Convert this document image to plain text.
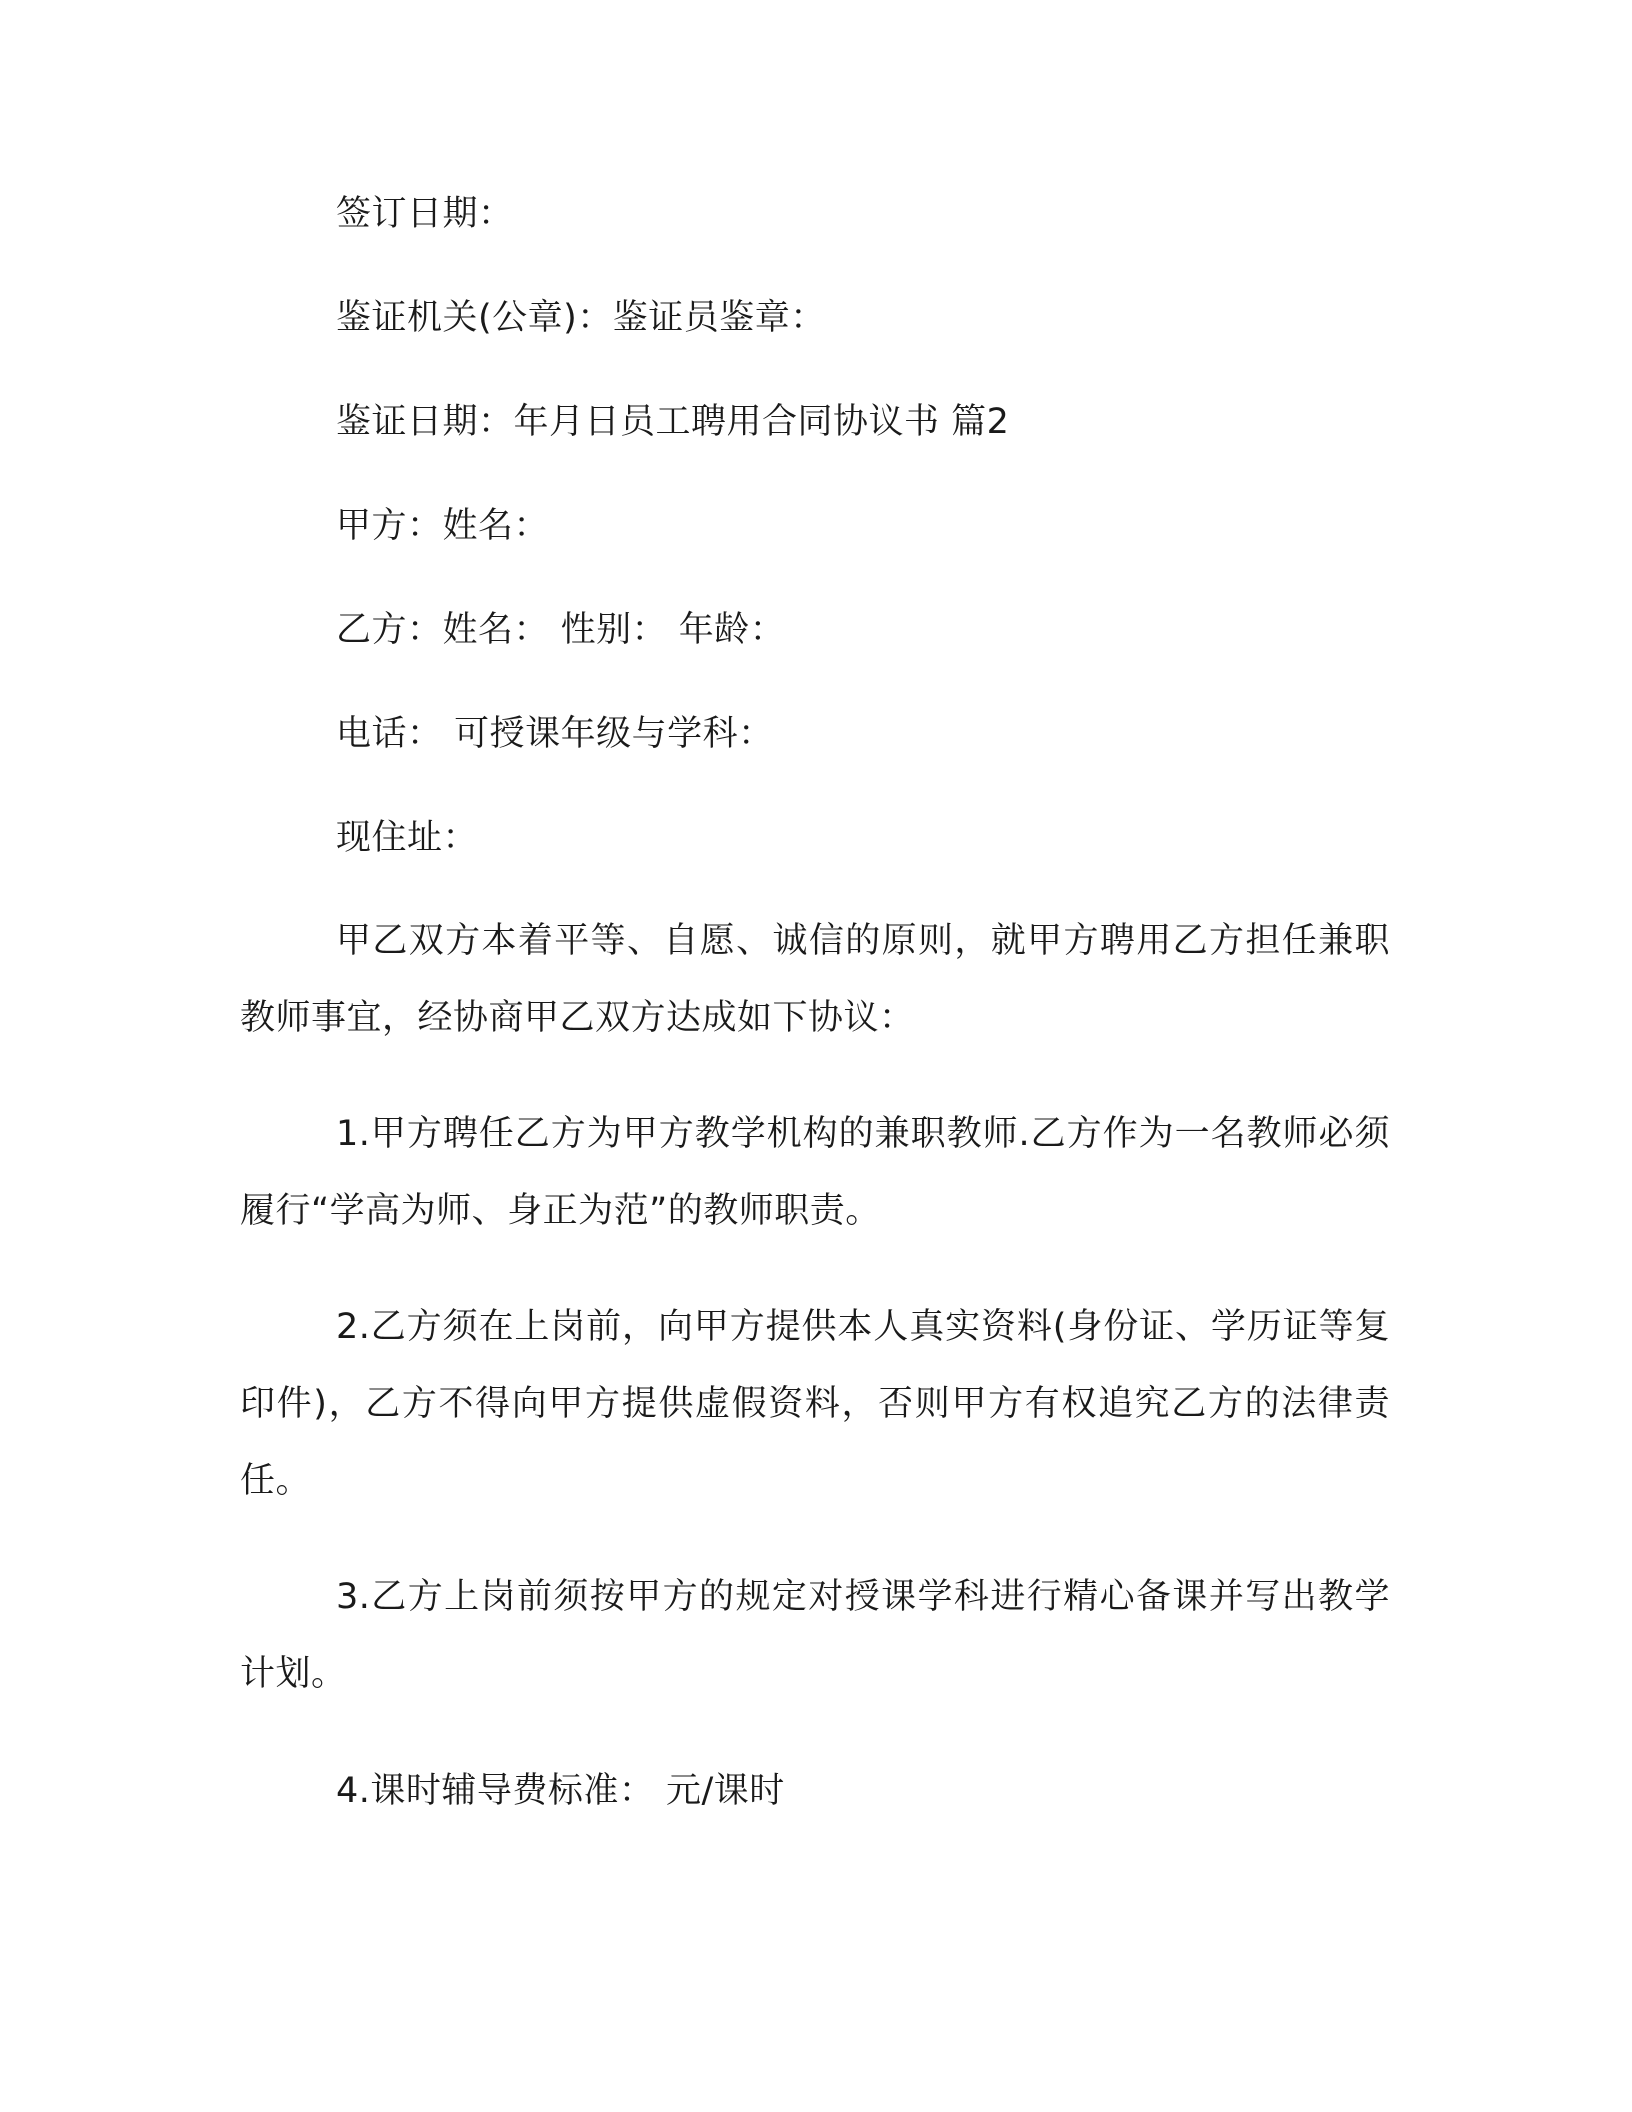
签订日期：

鉴证机关(公章)：鉴证员鉴章：

鉴证日期：年月日员工聘用合同协议书 篇2

甲方：姓名：

乙方：姓名： 性别： 年龄：

电话： 可授课年级与学科：

现住址：

甲乙双方本着平等、自愿、诚信的原则，就甲方聘用乙方担任兼职教师事宜，经协商甲乙双方达成如下协议：

1.甲方聘任乙方为甲方教学机构的兼职教师.乙方作为一名教师必须履行“学高为师、身正为范”的教师职责。

2.乙方须在上岗前，向甲方提供本人真实资料(身份证、学历证等复印件)，乙方不得向甲方提供虚假资料，否则甲方有权追究乙方的法律责任。

3.乙方上岗前须按甲方的规定对授课学科进行精心备课并写出教学计划。

4.课时辅导费标准： 元/课时
